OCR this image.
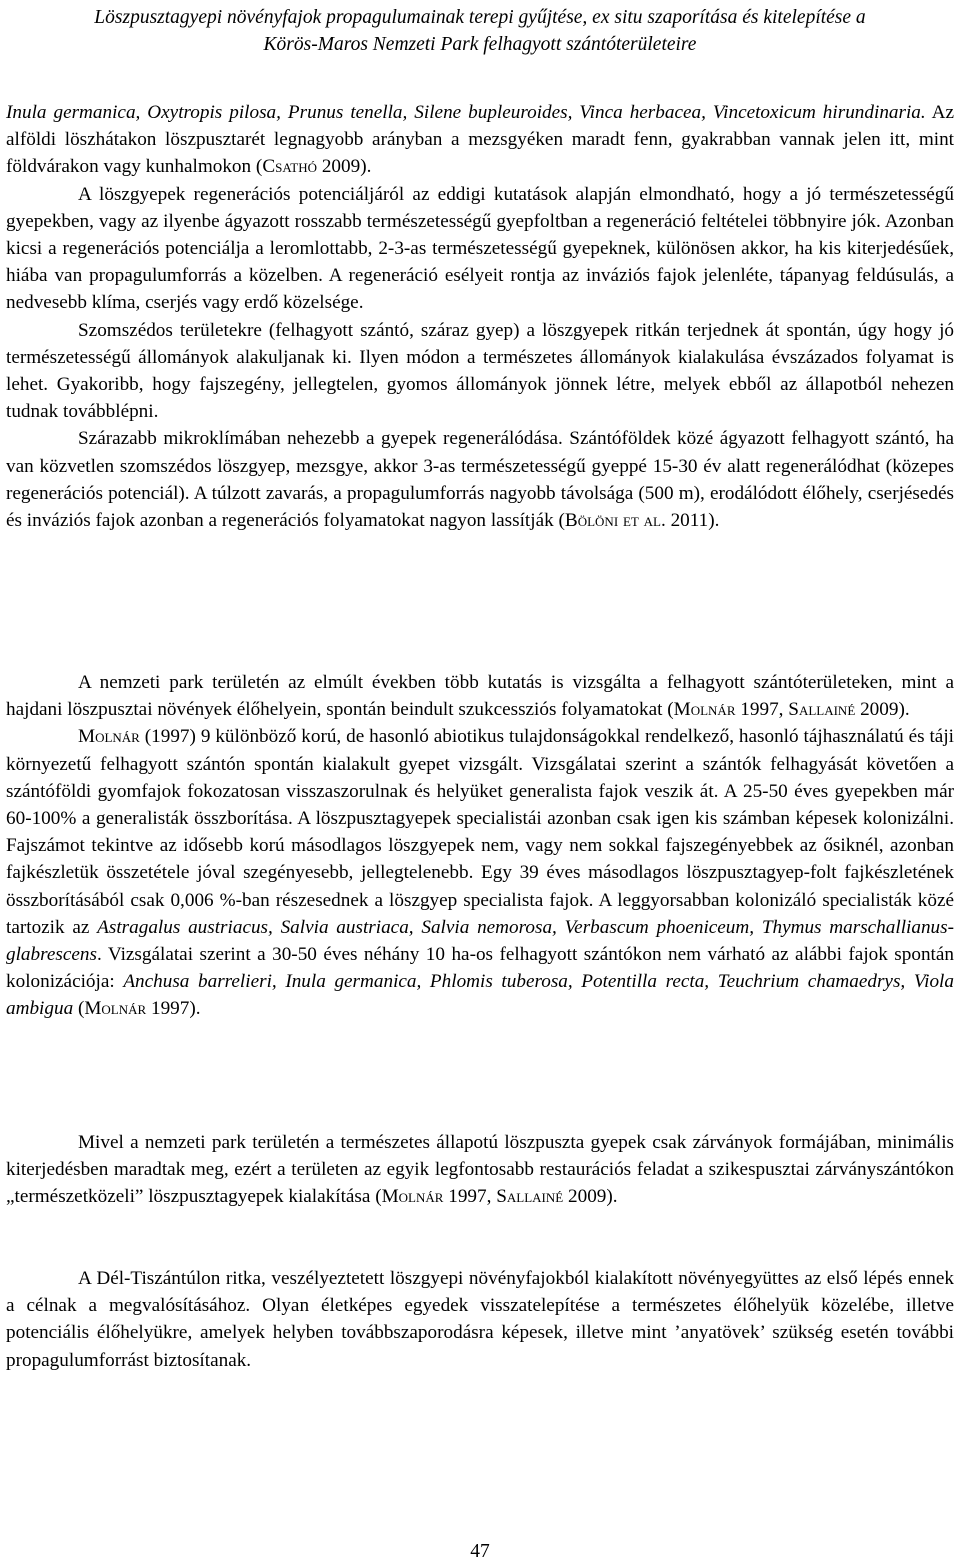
Löszpusztagyepi növényfajok propagulumainak terepi gyűjtése, ex situ szaporítása és kitelepítése a
Körös-Maros Nemzeti Park felhagyott szántóterületeire

Inula germanica, Oxytropis pilosa, Prunus tenella, Silene bupleuroides, Vinca herbacea, Vincetoxicum hirundinaria. Az alföldi löszhátakon löszpusztarét legnagyobb arányban a mezsgyéken maradt fenn, gyakrabban vannak jelen itt, mint földvárakon vagy kunhalmokon (Csathó 2009).

A löszgyepek regenerációs potenciáljáról az eddigi kutatások alapján elmondható, hogy a jó természetességű gyepekben, vagy az ilyenbe ágyazott rosszabb természetességű gyepfoltban a regeneráció feltételei többnyire jók. Azonban kicsi a regenerációs potenciálja a leromlottabb, 2-3-as természetességű gyepeknek, különösen akkor, ha kis kiterjedésűek, hiába van propagulumforrás a közelben. A regeneráció esélyeit rontja az inváziós fajok jelenléte, tápanyag feldúsulás, a nedvesebb klíma, cserjés vagy erdő közelsége.

Szomszédos területekre (felhagyott szántó, száraz gyep) a löszgyepek ritkán terjednek át spontán, úgy hogy jó természetességű állományok alakuljanak ki. Ilyen módon a természetes állományok kialakulása évszázados folyamat is lehet. Gyakoribb, hogy fajszegény, jellegtelen, gyomos állományok jönnek létre, melyek ebből az állapotból nehezen tudnak továbblépni.

Szárazabb mikroklímában nehezebb a gyepek regenerálódása. Szántóföldek közé ágyazott felhagyott szántó, ha van közvetlen szomszédos löszgyep, mezsgye, akkor 3-as természetességű gyeppé 15-30 év alatt regenerálódhat (közepes regenerációs potenciál). A túlzott zavarás, a propagulumforrás nagyobb távolsága (500 m), erodálódott élőhely, cserjésedés és inváziós fajok azonban a regenerációs folyamatokat nagyon lassítják (Bölöni et al. 2011).

A nemzeti park területén az elmúlt években több kutatás is vizsgálta a felhagyott szántóterületeken, mint a hajdani löszpusztai növények élőhelyein, spontán beindult szukcessziós folyamatokat (Molnár 1997, Sallainé 2009).

Molnár (1997) 9 különböző korú, de hasonló abiotikus tulajdonságokkal rendelkező, hasonló tájhasználatú és táji környezetű felhagyott szántón spontán kialakult gyepet vizsgált. Vizsgálatai szerint a szántók felhagyását követően a szántóföldi gyomfajok fokozatosan visszaszorulnak és helyüket generalista fajok veszik át. A 25-50 éves gyepekben már 60-100% a generalisták összborítása. A löszpusztagyepek specialistái azonban csak igen kis számban képesek kolonizálni. Fajszámot tekintve az idősebb korú másodlagos löszgyepek nem, vagy nem sokkal fajszegényebbek az ősiknél, azonban fajkészletük összetétele jóval szegényesebb, jellegtelenebb. Egy 39 éves másodlagos löszpusztagyep-folt fajkészletének összborításából csak 0,006 %-ban részesednek a löszgyep specialista fajok. A leggyorsabban kolonizáló specialisták közé tartozik az Astragalus austriacus, Salvia austriaca, Salvia nemorosa, Verbascum phoeniceum, Thymus marschallianus-glabrescens. Vizsgálatai szerint a 30-50 éves néhány 10 ha-os felhagyott szántókon nem várható az alábbi fajok spontán kolonizációja: Anchusa barrelieri, Inula germanica, Phlomis tuberosa, Potentilla recta, Teuchrium chamaedrys, Viola ambigua (Molnár 1997).

Mivel a nemzeti park területén a természetes állapotú löszpuszta gyepek csak zárványok formájában, minimális kiterjedésben maradtak meg, ezért a területen az egyik legfontosabb restaurációs feladat a szikespusztai zárványszántókon „természetközeli” löszpusztagyepek kialakítása (Molnár 1997, Sallainé 2009).

A Dél-Tiszántúlon ritka, veszélyeztetett löszgyepi növényfajokból kialakított növényegyüttes az első lépés ennek a célnak a megvalósításához. Olyan életképes egyedek visszatelepítése a természetes élőhelyük közelébe, illetve potenciális élőhelyükre, amelyek helyben továbbszaporodásra képesek, illetve mint ’anyatövek’ szükség esetén további propagulumforrást biztosítanak.

47
